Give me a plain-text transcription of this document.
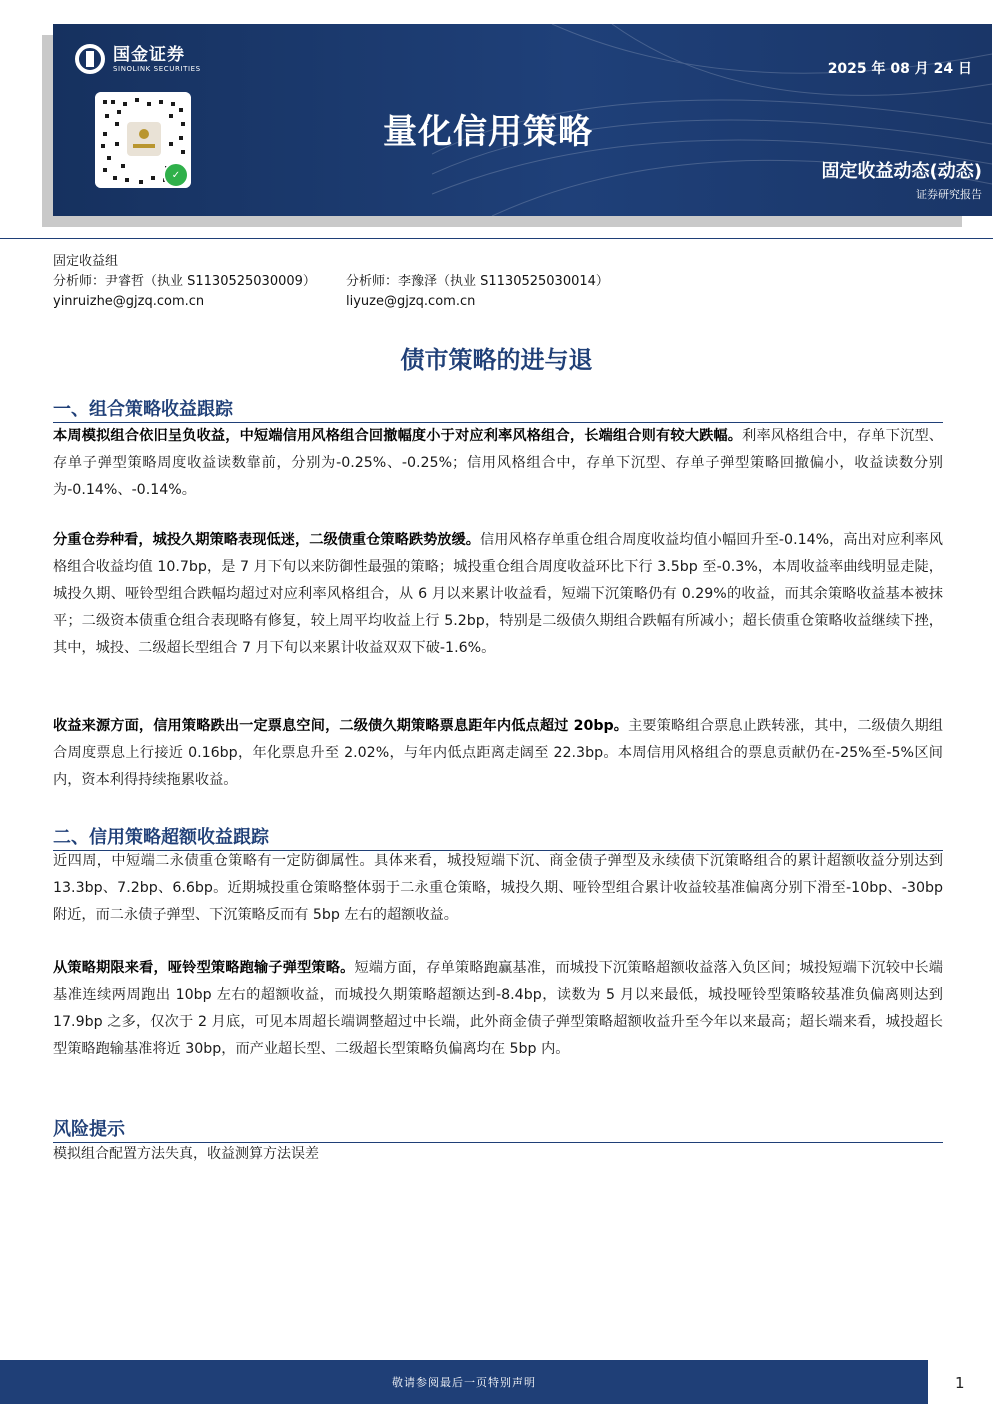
国金证券
SINOLINK SECURITIES
✓
2025 年 08 月 24 日
量化信用策略
固定收益动态(动态)
证券研究报告
固定收益组
分析师：尹睿哲（执业 S1130525030009） 分析师：李豫泽（执业 S1130525030014）
yinruizhe@gjzq.com.cn	liyuze@gjzq.com.cn
债市策略的进与退
一、组合策略收益跟踪
本周模拟组合依旧呈负收益，中短端信用风格组合回撤幅度小于对应利率风格组合，长端组合则有较大跌幅。利率风格组合中，存单下沉型、存单子弹型策略周度收益读数靠前，分别为-0.25%、-0.25%；信用风格组合中，存单下沉型、存单子弹型策略回撤偏小，收益读数分别为-0.14%、-0.14%。
分重仓券种看，城投久期策略表现低迷，二级债重仓策略跌势放缓。信用风格存单重仓组合周度收益均值小幅回升至-0.14%，高出对应利率风格组合收益均值 10.7bp，是 7 月下旬以来防御性最强的策略；城投重仓组合周度收益环比下行 3.5bp 至-0.3%，本周收益率曲线明显走陡，城投久期、哑铃型组合跌幅均超过对应利率风格组合，从 6 月以来累计收益看，短端下沉策略仍有 0.29%的收益，而其余策略收益基本被抹平；二级资本债重仓组合表现略有修复，较上周平均收益上行 5.2bp，特别是二级债久期组合跌幅有所减小；超长债重仓策略收益继续下挫，其中，城投、二级超长型组合 7 月下旬以来累计收益双双下破-1.6%。
收益来源方面，信用策略跌出一定票息空间，二级债久期策略票息距年内低点超过 20bp。主要策略组合票息止跌转涨，其中，二级债久期组合周度票息上行接近 0.16bp，年化票息升至 2.02%，与年内低点距离走阔至 22.3bp。本周信用风格组合的票息贡献仍在-25%至-5%区间内，资本利得持续拖累收益。
二、信用策略超额收益跟踪
近四周，中短端二永债重仓策略有一定防御属性。具体来看，城投短端下沉、商金债子弹型及永续债下沉策略组合的累计超额收益分别达到 13.3bp、7.2bp、6.6bp。近期城投重仓策略整体弱于二永重仓策略，城投久期、哑铃型组合累计收益较基准偏离分别下滑至-10bp、-30bp 附近，而二永债子弹型、下沉策略反而有 5bp 左右的超额收益。
从策略期限来看，哑铃型策略跑输子弹型策略。短端方面，存单策略跑赢基准，而城投下沉策略超额收益落入负区间；城投短端下沉较中长端基准连续两周跑出 10bp 左右的超额收益，而城投久期策略超额达到-8.4bp，读数为 5 月以来最低，城投哑铃型策略较基准负偏离则达到 17.9bp 之多，仅次于 2 月底，可见本周超长端调整超过中长端，此外商金债子弹型策略超额收益升至今年以来最高；超长端来看，城投超长型策略跑输基准将近 30bp，而产业超长型、二级超长型策略负偏离均在 5bp 内。
风险提示
模拟组合配置方法失真，收益测算方法误差
敬请参阅最后一页特别声明	1
